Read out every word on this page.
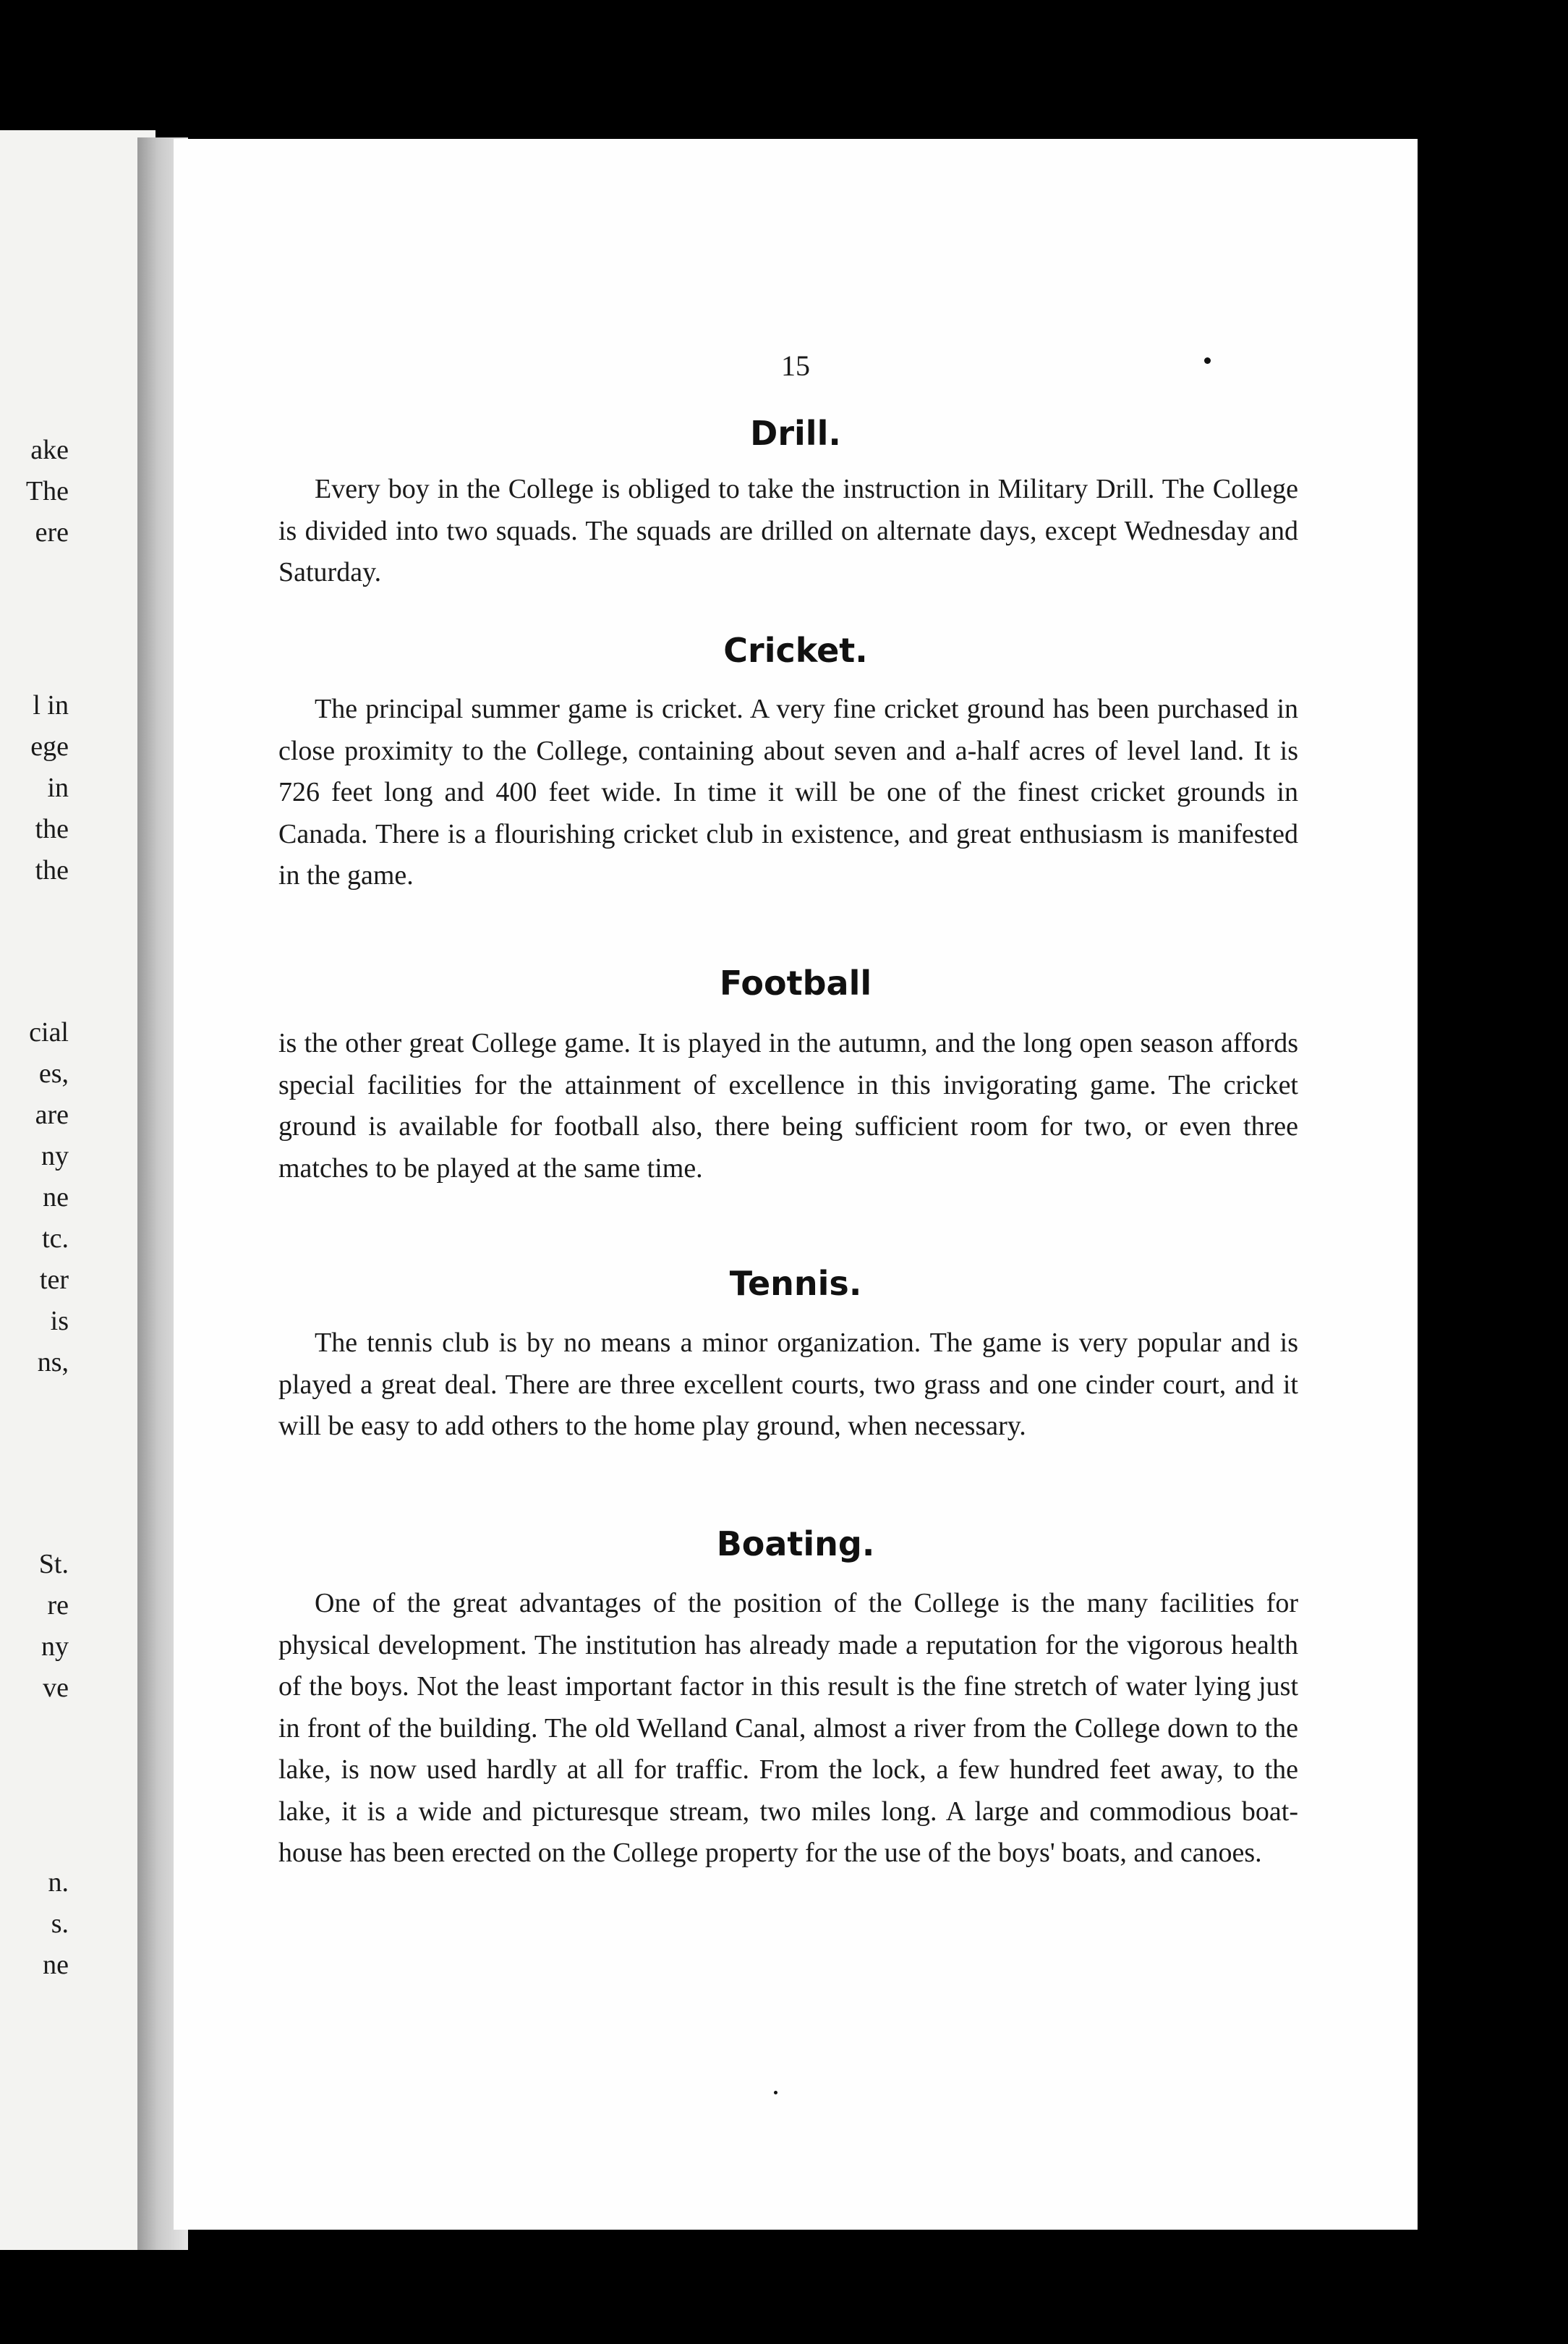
ake
The
ere
l in
ege
in
the
the
cial
es,
are
ny
ne
tc.
ter
is
ns,
St.
re
ny
ve
n.
s.
ne
15
Drill.

Every boy in the College is obliged to take the instruction in Military Drill. The College is divided into two squads. The squads are drilled on alternate days, except Wednesday and Saturday.

Cricket.

The principal summer game is cricket. A very fine cricket ground has been purchased in close proximity to the College, containing about seven and a-half acres of level land. It is 726 feet long and 400 feet wide. In time it will be one of the finest cricket grounds in Canada. There is a flourishing cricket club in existence, and great enthusiasm is manifested in the game.

Football

is the other great College game. It is played in the autumn, and the long open season affords special facilities for the attainment of excellence in this invigorating game. The cricket ground is available for football also, there being sufficient room for two, or even three matches to be played at the same time.

Tennis.

The tennis club is by no means a minor organization. The game is very popular and is played a great deal. There are three excellent courts, two grass and one cinder court, and it will be easy to add others to the home play ground, when necessary.

Boating.

One of the great advantages of the position of the College is the many facilities for physical development. The institution has already made a reputation for the vigorous health of the boys. Not the least important factor in this result is the fine stretch of water lying just in front of the building. The old Welland Canal, almost a river from the College down to the lake, is now used hardly at all for traffic. From the lock, a few hundred feet away, to the lake, it is a wide and picturesque stream, two miles long. A large and commodious boat-house has been erected on the College property for the use of the boys' boats, and canoes.
